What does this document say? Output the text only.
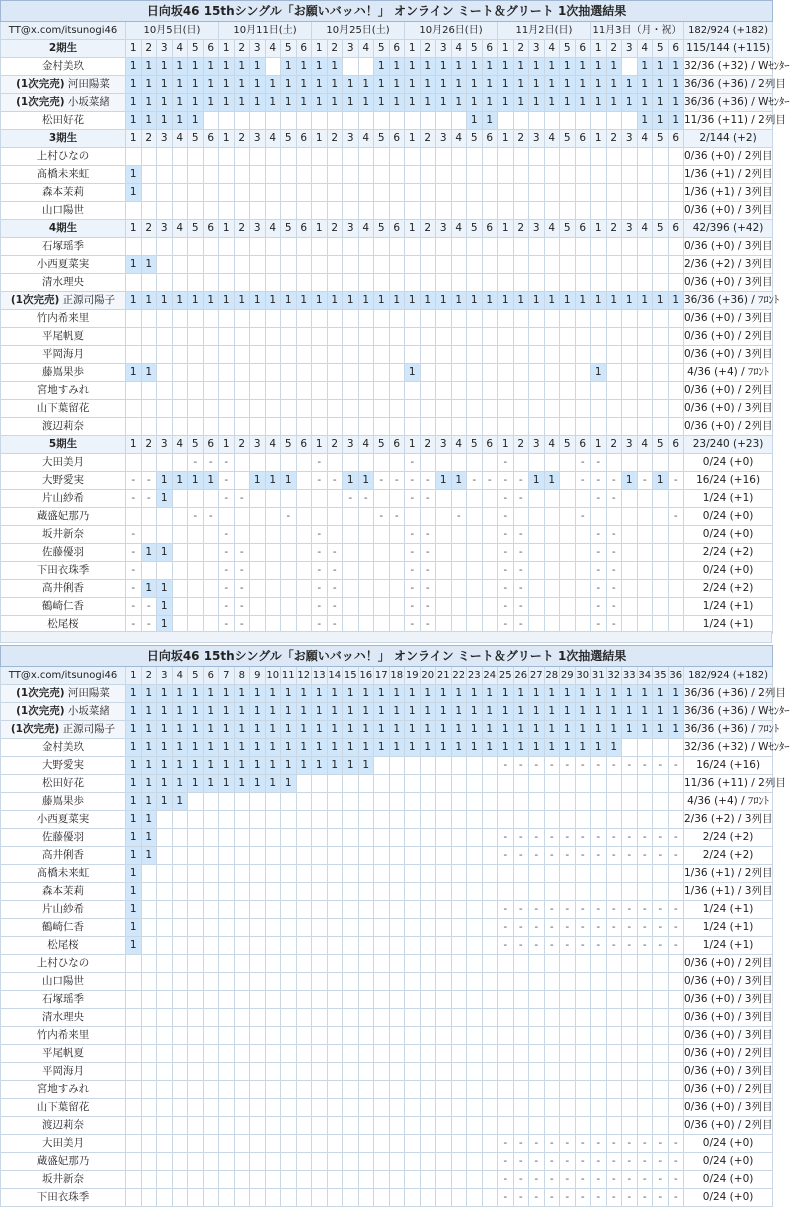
日向坂46 15thシングル「お願いバッハ！」 オンライン ミート＆グリート 1次抽選結果																																					
TT@x.com/itsunogi46	10月5日(日)						10月11日(土)						10月25日(土)						10月26日(日)						11月2日(日)						11月3日（月・祝）						182/924 (+182)
2期生	1	2	3	4	5	6	1	2	3	4	5	6	1	2	3	4	5	6	1	2	3	4	5	6	1	2	3	4	5	6	1	2	3	4	5	6	115/144 (+115)
金村美玖	1	1	1	1	1	1	1	1	1		1	1	1	1			1	1	1	1	1	1	1	1	1	1	1	1	1	1	1	1		1	1	1	32/36 (+32) / Wｾﾝﾀｰ
(1次完売) 河田陽菜	1	1	1	1	1	1	1	1	1	1	1	1	1	1	1	1	1	1	1	1	1	1	1	1	1	1	1	1	1	1	1	1	1	1	1	1	36/36 (+36) / 2列目
(1次完売) 小坂菜緒	1	1	1	1	1	1	1	1	1	1	1	1	1	1	1	1	1	1	1	1	1	1	1	1	1	1	1	1	1	1	1	1	1	1	1	1	36/36 (+36) / Wｾﾝﾀｰ
松田好花	1	1	1	1	1																		1	1										1	1	1	11/36 (+11) / 2列目
3期生	1	2	3	4	5	6	1	2	3	4	5	6	1	2	3	4	5	6	1	2	3	4	5	6	1	2	3	4	5	6	1	2	3	4	5	6	2/144 (+2)
上村ひなの																																					0/36 (+0) / 2列目
髙橋未来虹	1																																				1/36 (+1) / 2列目
森本茉莉	1																																				1/36 (+1) / 3列目
山口陽世																																					0/36 (+0) / 3列目
4期生	1	2	3	4	5	6	1	2	3	4	5	6	1	2	3	4	5	6	1	2	3	4	5	6	1	2	3	4	5	6	1	2	3	4	5	6	42/396 (+42)
石塚瑶季																																					0/36 (+0) / 3列目
小西夏菜実	1	1																																			2/36 (+2) / 3列目
清水理央																																					0/36 (+0) / 3列目
(1次完売) 正源司陽子	1	1	1	1	1	1	1	1	1	1	1	1	1	1	1	1	1	1	1	1	1	1	1	1	1	1	1	1	1	1	1	1	1	1	1	1	36/36 (+36) / ﾌﾛﾝﾄ
竹内希来里																																					0/36 (+0) / 3列目
平尾帆夏																																					0/36 (+0) / 2列目
平岡海月																																					0/36 (+0) / 3列目
藤嶌果歩	1	1																	1												1						4/36 (+4) / ﾌﾛﾝﾄ
宮地すみれ																																					0/36 (+0) / 2列目
山下葉留花																																					0/36 (+0) / 3列目
渡辺莉奈																																					0/36 (+0) / 2列目
5期生	1	2	3	4	5	6	1	2	3	4	5	6	1	2	3	4	5	6	1	2	3	4	5	6	1	2	3	4	5	6	1	2	3	4	5	6	23/240 (+23)
大田美月					-	-	-						-						-						-					-	-						0/24 (+0)
大野愛実	-	-	1	1	1	1	-		1	1	1		-	-	1	1	-	-	-	-	1	1	-	-	-	-	1	1		-	-	-	1	-	1	-	16/24 (+16)
片山紗希	-	-	1				-	-							-	-			-	-					-	-					-	-					1/24 (+1)
蔵盛妃那乃					-	-					-						-	-				-			-					-						-	0/24 (+0)
坂井新奈	-						-						-						-	-					-	-					-	-					0/24 (+0)
佐藤優羽	-	1	1				-	-					-	-					-	-					-	-					-	-					2/24 (+2)
下田衣珠季	-						-	-					-	-					-	-					-	-					-	-					0/24 (+0)
高井俐香	-	1	1				-	-					-	-					-	-					-	-					-	-					2/24 (+2)
鶴崎仁香	-	-	1				-	-					-	-					-	-					-	-					-	-					1/24 (+1)
松尾桜	-	-	1				-	-					-	-					-	-					-	-					-	-					1/24 (+1)
日向坂46 15thシングル「お願いバッハ！」 オンライン ミート＆グリート 1次抽選結果																																					
TT@x.com/itsunogi46	1	2	3	4	5	6	7	8	9	10	11	12	13	14	15	16	17	18	19	20	21	22	23	24	25	26	27	28	29	30	31	32	33	34	35	36	182/924 (+182)
(1次完売) 河田陽菜	1	1	1	1	1	1	1	1	1	1	1	1	1	1	1	1	1	1	1	1	1	1	1	1	1	1	1	1	1	1	1	1	1	1	1	1	36/36 (+36) / 2列目
(1次完売) 小坂菜緒	1	1	1	1	1	1	1	1	1	1	1	1	1	1	1	1	1	1	1	1	1	1	1	1	1	1	1	1	1	1	1	1	1	1	1	1	36/36 (+36) / Wｾﾝﾀｰ
(1次完売) 正源司陽子	1	1	1	1	1	1	1	1	1	1	1	1	1	1	1	1	1	1	1	1	1	1	1	1	1	1	1	1	1	1	1	1	1	1	1	1	36/36 (+36) / ﾌﾛﾝﾄ
金村美玖	1	1	1	1	1	1	1	1	1	1	1	1	1	1	1	1	1	1	1	1	1	1	1	1	1	1	1	1	1	1	1	1					32/36 (+32) / Wｾﾝﾀｰ
大野愛実	1	1	1	1	1	1	1	1	1	1	1	1	1	1	1	1									-	-	-	-	-	-	-	-	-	-	-	-	16/24 (+16)
松田好花	1	1	1	1	1	1	1	1	1	1	1																										11/36 (+11) / 2列目
藤嶌果歩	1	1	1	1																																	4/36 (+4) / ﾌﾛﾝﾄ
小西夏菜実	1	1																																			2/36 (+2) / 3列目
佐藤優羽	1	1																							-	-	-	-	-	-	-	-	-	-	-	-	2/24 (+2)
高井俐香	1	1																							-	-	-	-	-	-	-	-	-	-	-	-	2/24 (+2)
髙橋未来虹	1																																				1/36 (+1) / 2列目
森本茉莉	1																																				1/36 (+1) / 3列目
片山紗希	1																								-	-	-	-	-	-	-	-	-	-	-	-	1/24 (+1)
鶴崎仁香	1																								-	-	-	-	-	-	-	-	-	-	-	-	1/24 (+1)
松尾桜	1																								-	-	-	-	-	-	-	-	-	-	-	-	1/24 (+1)
上村ひなの																																					0/36 (+0) / 2列目
山口陽世																																					0/36 (+0) / 3列目
石塚瑶季																																					0/36 (+0) / 3列目
清水理央																																					0/36 (+0) / 3列目
竹内希来里																																					0/36 (+0) / 3列目
平尾帆夏																																					0/36 (+0) / 2列目
平岡海月																																					0/36 (+0) / 3列目
宮地すみれ																																					0/36 (+0) / 2列目
山下葉留花																																					0/36 (+0) / 3列目
渡辺莉奈																																					0/36 (+0) / 2列目
大田美月																									-	-	-	-	-	-	-	-	-	-	-	-	0/24 (+0)
蔵盛妃那乃																									-	-	-	-	-	-	-	-	-	-	-	-	0/24 (+0)
坂井新奈																									-	-	-	-	-	-	-	-	-	-	-	-	0/24 (+0)
下田衣珠季																									-	-	-	-	-	-	-	-	-	-	-	-	0/24 (+0)
